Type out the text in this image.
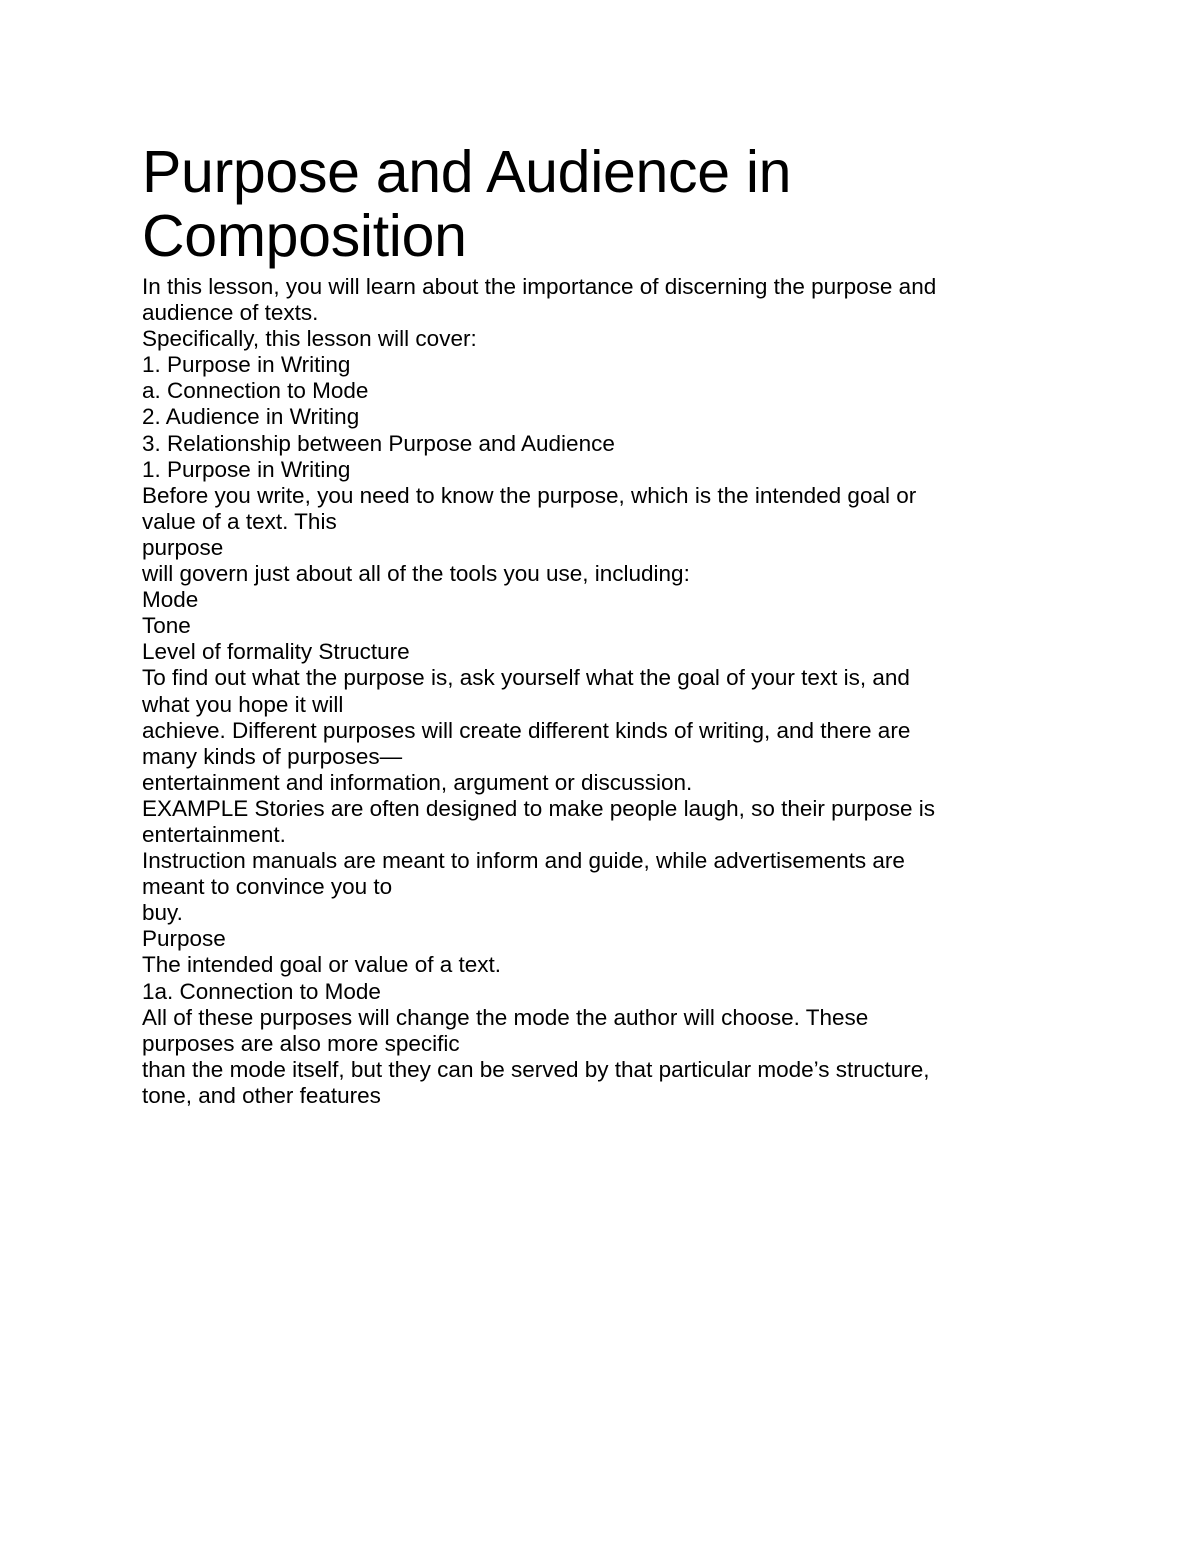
Purpose and Audience in Composition
In this lesson, you will learn about the importance of discerning the purpose and
audience of texts.
Specifically, this lesson will cover:
1. Purpose in Writing
a. Connection to Mode
2. Audience in Writing
3. Relationship between Purpose and Audience
1. Purpose in Writing
Before you write, you need to know the purpose, which is the intended goal or
value of a text. This
purpose
will govern just about all of the tools you use, including:
Mode
Tone
Level of formality Structure
To find out what the purpose is, ask yourself what the goal of your text is, and
what you hope it will
achieve. Different purposes will create different kinds of writing, and there are
many kinds of purposes—
entertainment and information, argument or discussion.
EXAMPLE Stories are often designed to make people laugh, so their purpose is
entertainment.
Instruction manuals are meant to inform and guide, while advertisements are
meant to convince you to
buy.
Purpose
The intended goal or value of a text.
1a. Connection to Mode
All of these purposes will change the mode the author will choose. These
purposes are also more specific
than the mode itself, but they can be served by that particular mode’s structure,
tone, and other features
